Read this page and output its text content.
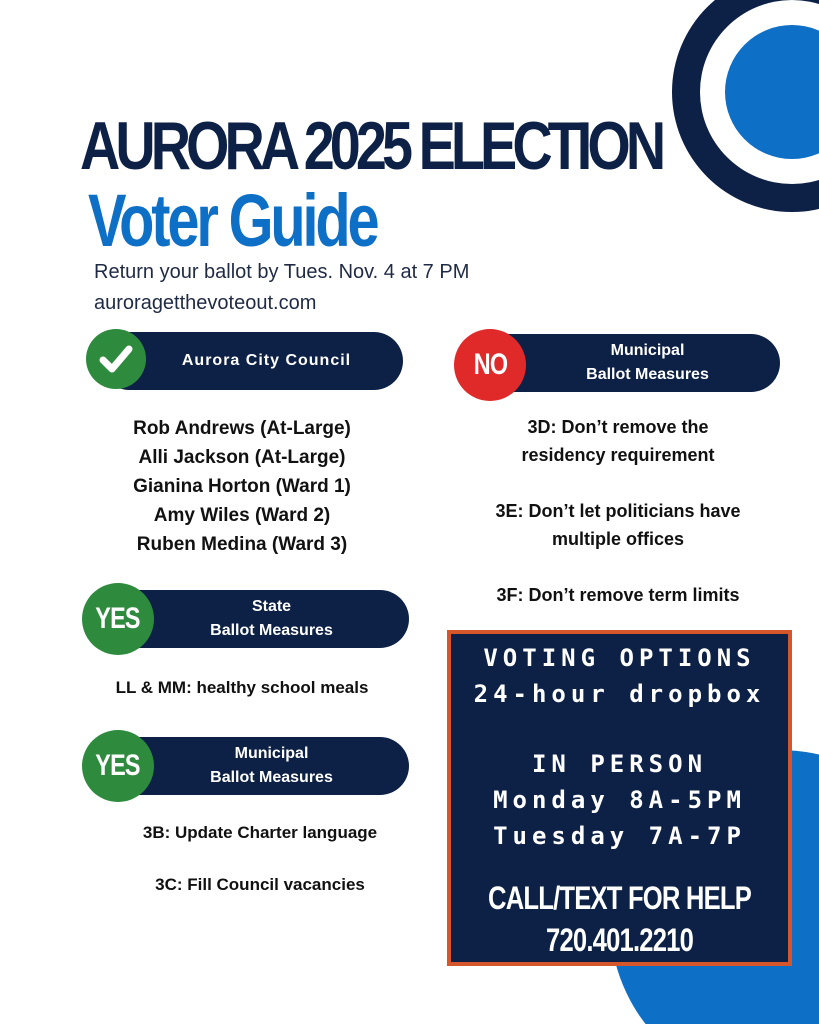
AURORA 2025 ELECTION
Voter Guide
Return your ballot by Tues. Nov. 4 at 7 PM
auroragetthevoteout.com
Aurora City Council
Rob Andrews (At-Large)
Alli Jackson (At-Large)
Gianina Horton (Ward 1)
Amy Wiles (Ward 2)
Ruben Medina (Ward 3)
State
Ballot Measures
YES
LL & MM: healthy school meals
Municipal
Ballot Measures
YES
3B: Update Charter language
3C: Fill Council vacancies
Municipal
Ballot Measures
NO
3D: Don’t remove the
residency requirement
3E: Don’t let politicians have
multiple offices
3F: Don’t remove term limits
VOTING OPTIONS
24-hour dropbox
IN PERSON
Monday 8A-5PM
Tuesday 7A-7P
CALL/TEXT FOR HELP
720.401.2210
